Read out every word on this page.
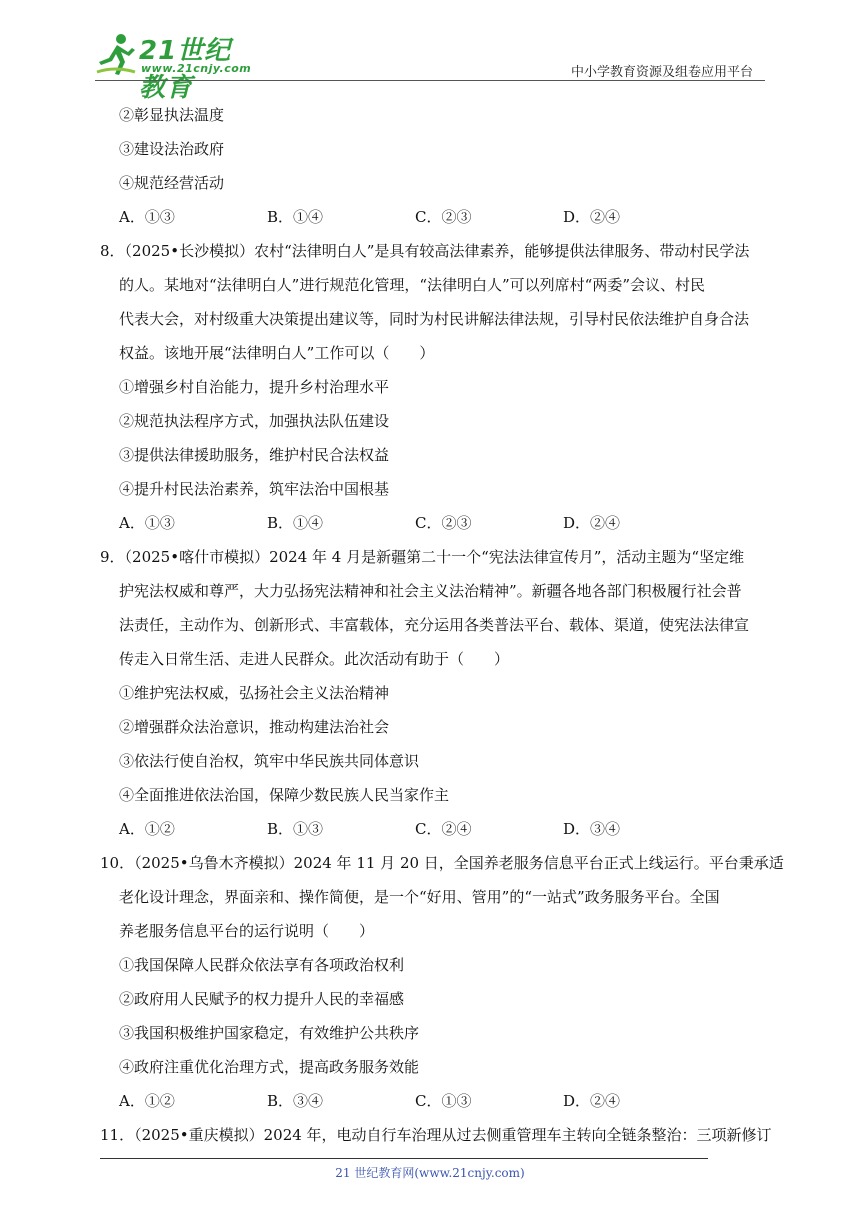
21世纪教育
www.21cnjy.com	中小学教育资源及组卷应用平台
②彰显执法温度
③建设法治政府
④规范经营活动
A．①③	B．①④	C．②③	D．②④
8．（2025•长沙模拟）农村“法律明白人”是具有较高法律素养，能够提供法律服务、带动村民学法
的人。某地对“法律明白人”进行规范化管理，“法律明白人”可以列席村“两委”会议、村民
代表大会，对村级重大决策提出建议等，同时为村民讲解法律法规，引导村民依法维护自身合法
权益。该地开展“法律明白人”工作可以（　　）
①增强乡村自治能力，提升乡村治理水平
②规范执法程序方式，加强执法队伍建设
③提供法律援助服务，维护村民合法权益
④提升村民法治素养，筑牢法治中国根基
A．①③	B．①④	C．②③	D．②④
9．（2025•喀什市模拟）2024 年 4 月是新疆第二十一个“宪法法律宣传月”，活动主题为“坚定维
护宪法权威和尊严，大力弘扬宪法精神和社会主义法治精神”。新疆各地各部门积极履行社会普
法责任，主动作为、创新形式、丰富载体，充分运用各类普法平台、载体、渠道，使宪法法律宣
传走入日常生活、走进人民群众。此次活动有助于（　　）
①维护宪法权威，弘扬社会主义法治精神
②增强群众法治意识，推动构建法治社会
③依法行使自治权，筑牢中华民族共同体意识
④全面推进依法治国，保障少数民族人民当家作主
A．①②	B．①③	C．②④	D．③④
10．（2025•乌鲁木齐模拟）2024 年 11 月 20 日，全国养老服务信息平台正式上线运行。平台秉承适
老化设计理念，界面亲和、操作简便，是一个“好用、管用”的“一站式”政务服务平台。全国
养老服务信息平台的运行说明（　　）
①我国保障人民群众依法享有各项政治权利
②政府用人民赋予的权力提升人民的幸福感
③我国积极维护国家稳定，有效维护公共秩序
④政府注重优化治理方式，提高政务服务效能
A．①②	B．③④	C．①③	D．②④
11．（2025•重庆模拟）2024 年，电动自行车治理从过去侧重管理车主转向全链条整治：三项新修订
21 世纪教育网(www.21cnjy.com)
